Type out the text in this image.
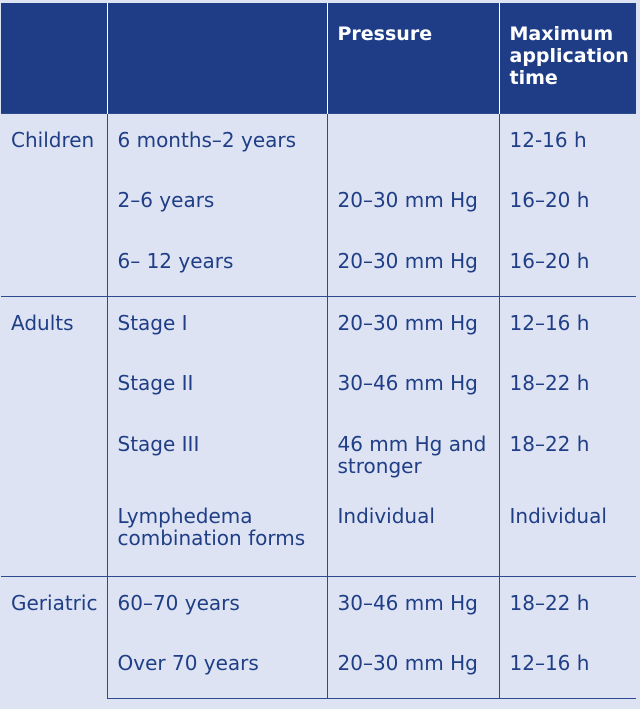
		Pressure	Maximum application time
Children	6 months–2 years		12-16 h
	2–6 years	20–30 mm Hg	16–20 h
	6– 12 years	20–30 mm Hg	16–20 h
Adults	Stage I	20–30 mm Hg	12–16 h
	Stage II	30–46 mm Hg	18–22 h
	Stage III	46 mm Hg and stronger	18–22 h
	Lymphedema combination forms	Individual	Individual
Geriatric	60–70 years	30–46 mm Hg	18–22 h
	Over 70 years	20–30 mm Hg	12–16 h
